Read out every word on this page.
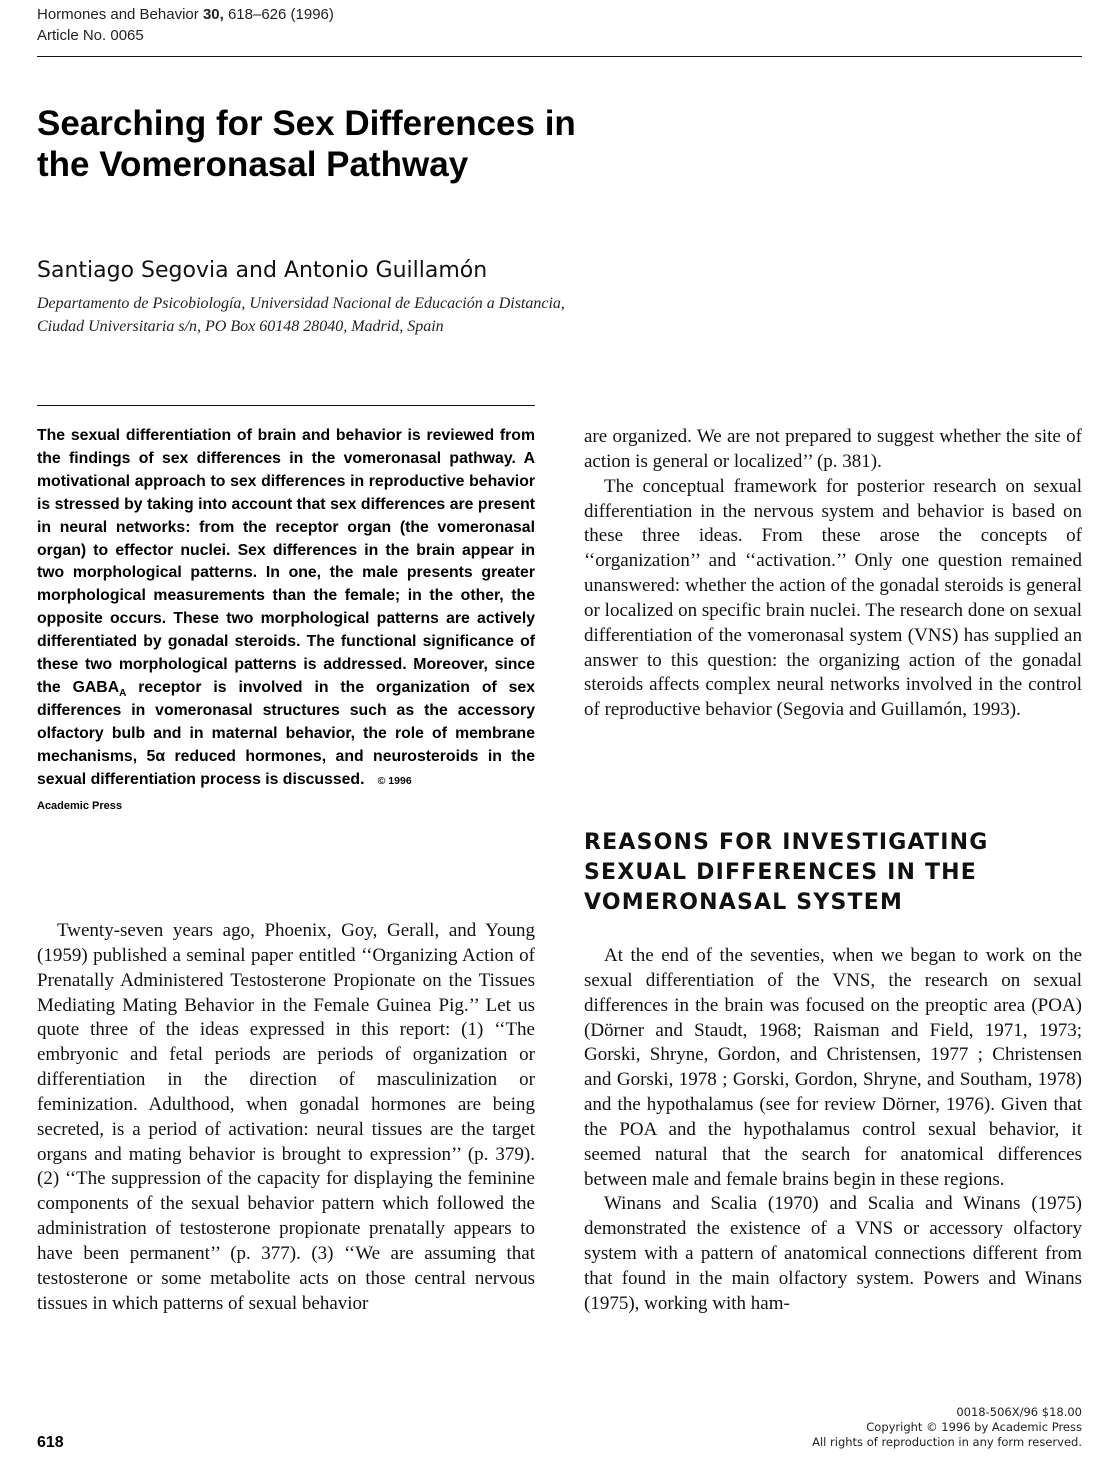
Hormones and Behavior 30, 618–626 (1996)
Article No. 0065
Searching for Sex Differences in
the Vomeronasal Pathway
Santiago Segovia and Antonio Guillamón
Departamento de Psicobiología, Universidad Nacional de Educación a Distancia,
Ciudad Universitaria s/n, PO Box 60148 28040, Madrid, Spain
The sexual differentiation of brain and behavior is reviewed from the findings of sex differences in the vomeronasal pathway. A motivational approach to sex differences in reproductive behavior is stressed by taking into account that sex differences are present in neural networks: from the receptor organ (the vomeronasal organ) to effector nuclei. Sex differences in the brain appear in two morphological patterns. In one, the male presents greater morphological measurements than the female; in the other, the opposite occurs. These two morphological patterns are actively differentiated by gonadal steroids. The functional significance of these two morphological patterns is addressed. Moreover, since the $GABA_A$ receptor is involved in the organization of sex differences in vomeronasal structures such as the accessory olfactory bulb and in maternal behavior, the role of membrane mechanisms, 5α reduced hormones, and neurosteroids in the sexual differentiation process is discussed. © 1996
Academic Press

Twenty-seven years ago, Phoenix, Goy, Gerall, and Young (1959) published a seminal paper entitled ‘‘Organizing Action of Prenatally Administered Testosterone Propionate on the Tissues Mediating Mating Behavior in the Female Guinea Pig.’’ Let us quote three of the ideas expressed in this report: (1) ‘‘The embryonic and fetal periods are periods of organization or differentiation in the direction of masculinization or feminization. Adulthood, when gonadal hormones are being secreted, is a period of activation: neural tissues are the target organs and mating behavior is brought to expression’’ (p. 379). (2) ‘‘The suppression of the capacity for displaying the feminine components of the sexual behavior pattern which followed the administration of testosterone propionate prenatally appears to have been permanent’’ (p. 377). (3) ‘‘We are assuming that testosterone or some metabolite acts on those central nervous tissues in which patterns of sexual behavior

are organized. We are not prepared to suggest whether the site of action is general or localized’’ (p. 381).

The conceptual framework for posterior research on sexual differentiation in the nervous system and behavior is based on these three ideas. From these arose the concepts of ‘‘organization’’ and ‘‘activation.’’ Only one question remained unanswered: whether the action of the gonadal steroids is general or localized on specific brain nuclei. The research done on sexual differentiation of the vomeronasal system (VNS) has supplied an answer to this question: the organizing action of the gonadal steroids affects complex neural networks involved in the control of reproductive behavior (Segovia and Guillamón, 1993).

REASONS FOR INVESTIGATING
SEXUAL DIFFERENCES IN THE
VOMERONASAL SYSTEM

At the end of the seventies, when we began to work on the sexual differentiation of the VNS, the research on sexual differences in the brain was focused on the preoptic area (POA) (Dörner and Staudt, 1968; Raisman and Field, 1971, 1973; Gorski, Shryne, Gordon, and Christensen, 1977 ; Christensen and Gorski, 1978 ; Gorski, Gordon, Shryne, and Southam, 1978) and the hypothalamus (see for review Dörner, 1976). Given that the POA and the hypothalamus control sexual behavior, it seemed natural that the search for anatomical differences between male and female brains begin in these regions.

Winans and Scalia (1970) and Scalia and Winans (1975) demonstrated the existence of a VNS or accessory olfactory system with a pattern of anatomical connections different from that found in the main olfactory system. Powers and Winans (1975), working with ham-

0018-506X/96 $18.00
Copyright © 1996 by Academic Press
All rights of reproduction in any form reserved.
618
